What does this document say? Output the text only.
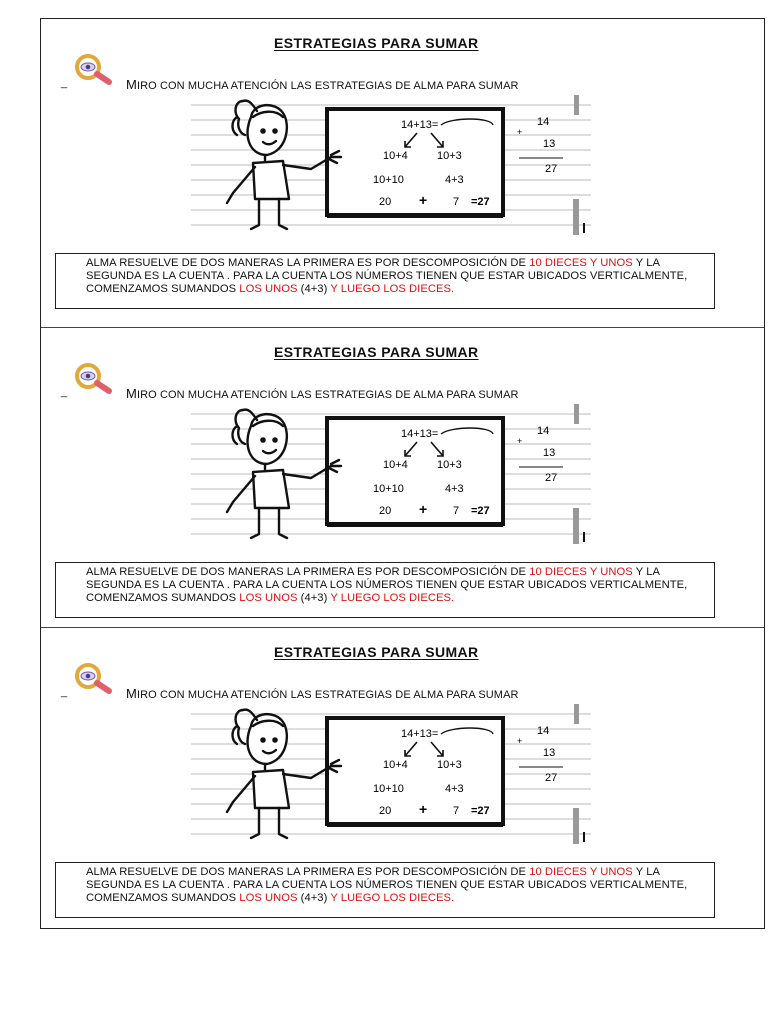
ESTRATEGIAS PARA SUMAR
_	MIRO CON MUCHA ATENCIÓN LAS ESTRATEGIAS DE ALMA PARA SUMAR
14+13=
10+4	10+3
10+10	4+3
20 + 7 =27
+
14
13
27
ALMA RESUELVE DE DOS MANERAS LA PRIMERA ES POR DESCOMPOSICIÓN DE 10 DIECES Y UNOS Y LA SEGUNDA ES LA CUENTA . PARA LA CUENTA LOS NÚMEROS TIENEN QUE ESTAR UBICADOS VERTICALMENTE, COMENZAMOS SUMANDOS LOS UNOS (4+3) Y LUEGO LOS DIECES.
ESTRATEGIAS PARA SUMAR
_	MIRO CON MUCHA ATENCIÓN LAS ESTRATEGIAS DE ALMA PARA SUMAR
14+13=
10+4	10+3
10+10	4+3
20 + 7 =27
+
14
13
27
ALMA RESUELVE DE DOS MANERAS LA PRIMERA ES POR DESCOMPOSICIÓN DE 10 DIECES Y UNOS Y LA SEGUNDA ES LA CUENTA . PARA LA CUENTA LOS NÚMEROS TIENEN QUE ESTAR UBICADOS VERTICALMENTE, COMENZAMOS SUMANDOS LOS UNOS (4+3) Y LUEGO LOS DIECES.
ESTRATEGIAS PARA SUMAR
_	MIRO CON MUCHA ATENCIÓN LAS ESTRATEGIAS DE ALMA PARA SUMAR
14+13=
10+4	10+3
10+10	4+3
20 + 7 =27
+
14
13
27
ALMA RESUELVE DE DOS MANERAS LA PRIMERA ES POR DESCOMPOSICIÓN DE 10 DIECES Y UNOS Y LA SEGUNDA ES LA CUENTA . PARA LA CUENTA LOS NÚMEROS TIENEN QUE ESTAR UBICADOS VERTICALMENTE, COMENZAMOS SUMANDOS LOS UNOS (4+3) Y LUEGO LOS DIECES.
